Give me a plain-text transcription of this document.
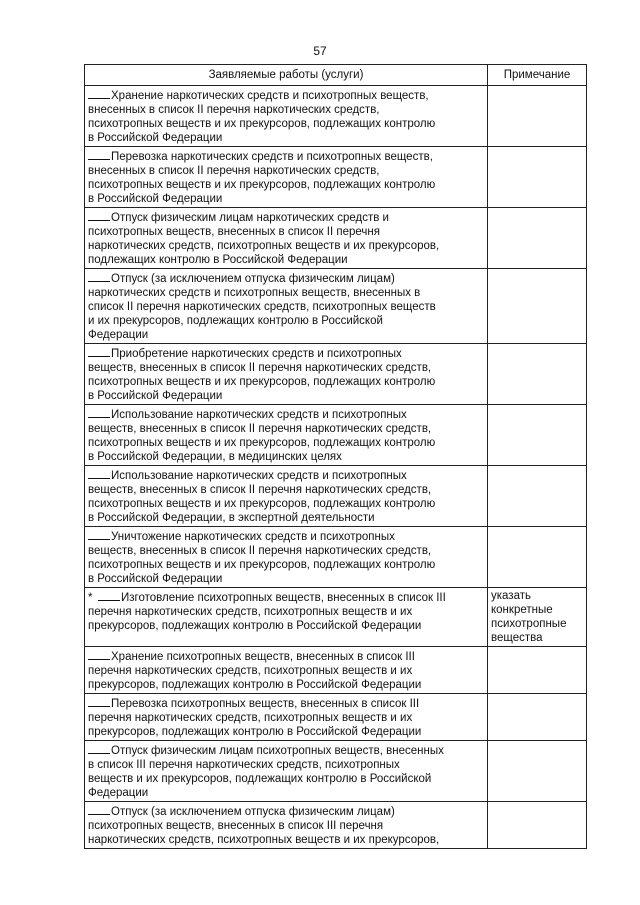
57
Заявляемые работы (услуги)	Примечание

Хранение наркотических средств и психотропных веществ,
внесенных в список II перечня наркотических средств,
психотропных веществ и их прекурсоров, подлежащих контролю
в Российской Федерации	

Перевозка наркотических средств и психотропных веществ,
внесенных в список II перечня наркотических средств,
психотропных веществ и их прекурсоров, подлежащих контролю
в Российской Федерации	

Отпуск физическим лицам наркотических средств и
психотропных веществ, внесенных в список II перечня
наркотических средств, психотропных веществ и их прекурсоров,
подлежащих контролю в Российской Федерации	

Отпуск (за исключением отпуска физическим лицам)
наркотических средств и психотропных веществ, внесенных в
список II перечня наркотических средств, психотропных веществ
и их прекурсоров, подлежащих контролю в Российской
Федерации	

Приобретение наркотических средств и психотропных
веществ, внесенных в список II перечня наркотических средств,
психотропных веществ и их прекурсоров, подлежащих контролю
в Российской Федерации	

Использование наркотических средств и психотропных
веществ, внесенных в список II перечня наркотических средств,
психотропных веществ и их прекурсоров, подлежащих контролю
в Российской Федерации, в медицинских целях	

Использование наркотических средств и психотропных
веществ, внесенных в список II перечня наркотических средств,
психотропных веществ и их прекурсоров, подлежащих контролю
в Российской Федерации, в экспертной деятельности	

Уничтожение наркотических средств и психотропных
веществ, внесенных в список II перечня наркотических средств,
психотропных веществ и их прекурсоров, подлежащих контролю
в Российской Федерации	

* Изготовление психотропных веществ, внесенных в список III
перечня наркотических средств, психотропных веществ и их
прекурсоров, подлежащих контролю в Российской Федерации	указать
конкретные
психотропные
вещества

Хранение психотропных веществ, внесенных в список III
перечня наркотических средств, психотропных веществ и их
прекурсоров, подлежащих контролю в Российской Федерации	

Перевозка психотропных веществ, внесенных в список III
перечня наркотических средств, психотропных веществ и их
прекурсоров, подлежащих контролю в Российской Федерации	

Отпуск физическим лицам психотропных веществ, внесенных
в список III перечня наркотических средств, психотропных
веществ и их прекурсоров, подлежащих контролю в Российской
Федерации	

Отпуск (за исключением отпуска физическим лицам)
психотропных веществ, внесенных в список III перечня
наркотических средств, психотропных веществ и их прекурсоров,	
